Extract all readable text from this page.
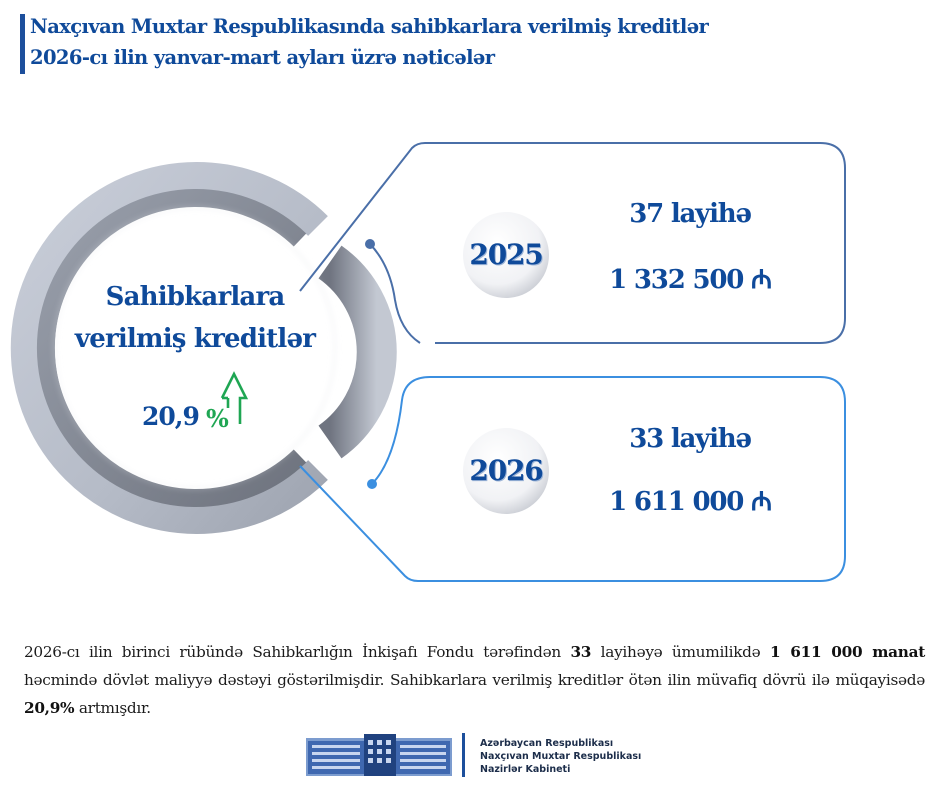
Naxçıvan Muxtar Respublikasında sahibkarlara verilmiş kreditlər
2026-cı ilin yanvar-mart ayları üzrə nəticələr
Sahibkarlara
verilmiş kreditlər
20,9 %
2025
37 layihə
1 332 500 ₼
2026
33 layihə
1 611 000 ₼
2026-cı ilin birinci rübündə Sahibkarlığın İnkişafı Fondu tərəfindən 33 layihəyə ümumilikdə 1 611 000 manat həcmində dövlət maliyyə dəstəyi göstərilmişdir. Sahibkarlara verilmiş kreditlər ötən ilin müvafiq dövrü ilə müqayisədə 20,9% artmışdır.
Azərbaycan Respublikası
Naxçıvan Muxtar Respublikası
Nazirlər Kabineti
